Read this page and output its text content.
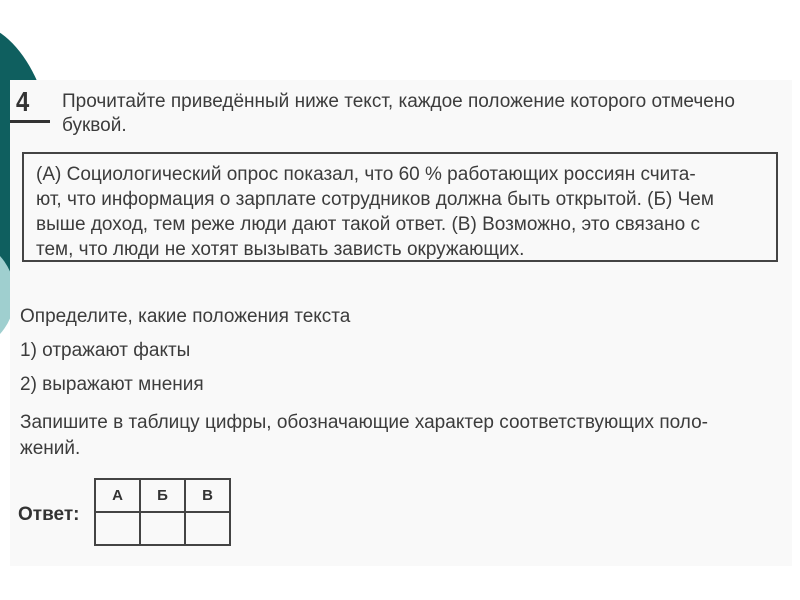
4 Прочитайте приведённый ниже текст, каждое положение которого отмечено
буквой.
(А) Социологический опрос показал, что 60 % работающих россиян счита-
ют, что информация о зарплате сотрудников должна быть открытой. (Б) Чем
выше доход, тем реже люди дают такой ответ. (В) Возможно, это связано с
тем, что люди не хотят вызывать зависть окружающих.
Определите, какие положения текста
1) отражают факты
2) выражают мнения
Запишите в таблицу цифры, обозначающие характер соответствующих поло-
жений.
Ответ:
А	Б	В
